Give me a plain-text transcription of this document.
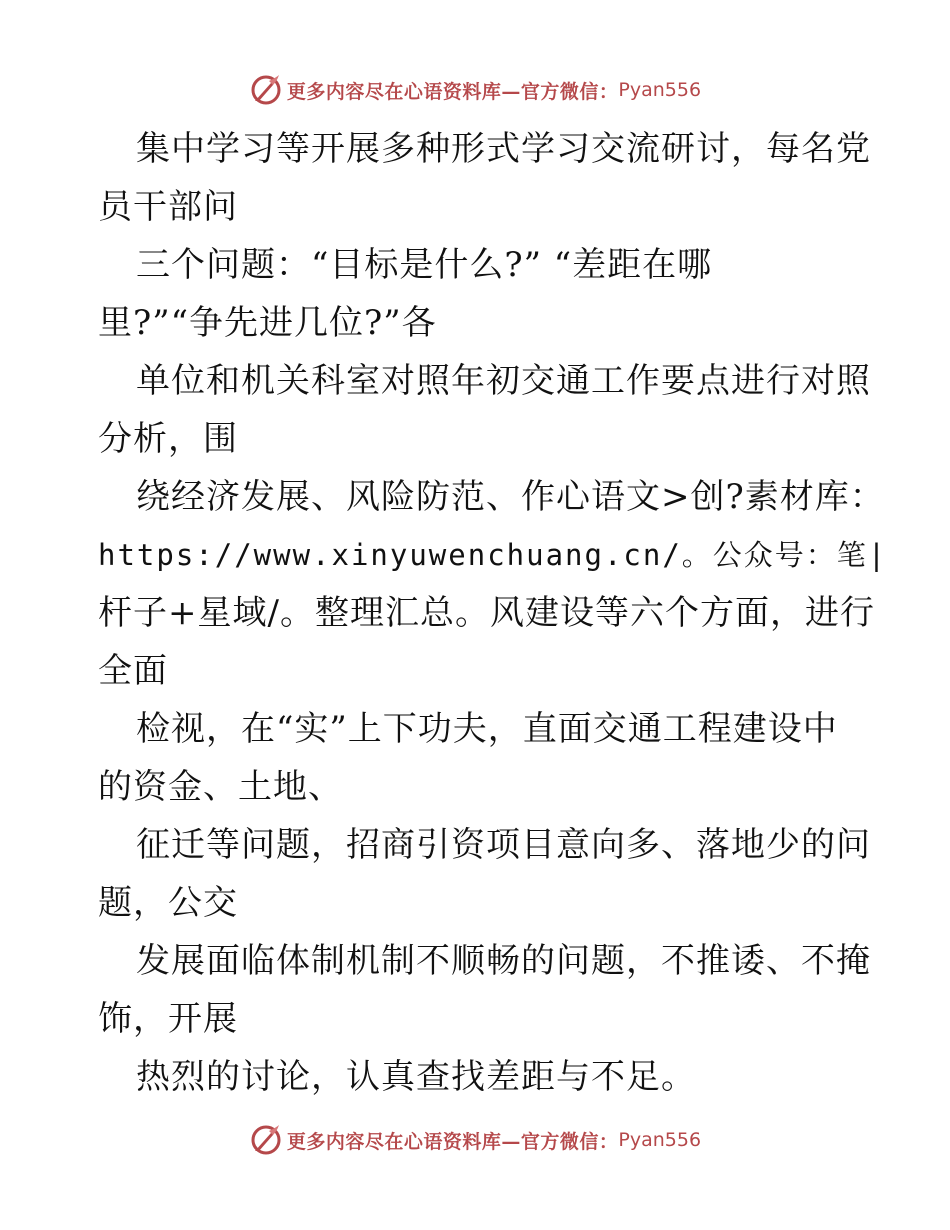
更多内容尽在心语资料库—官方微信： Pyan556
集中学习等开展多种形式学习交流研讨，每名党
员干部问
三个问题：“目标是什么?” “差距在哪
里?”“争先进几位?”各
单位和机关科室对照年初交通工作要点进行对照
分析，围
绕经济发展、风险防范、作心语文>创?素材库：
https://www.xinyuwenchuang.cn/。公众号：笔|
杆子+星域/。整理汇总。风建设等六个方面，进行
全面
检视，在“实”上下功夫，直面交通工程建设中
的资金、土地、
征迁等问题，招商引资项目意向多、落地少的问
题，公交
发展面临体制机制不顺畅的问题，不推诿、不掩
饰，开展
热烈的讨论，认真查找差距与不足。
更多内容尽在心语资料库—官方微信： Pyan556
